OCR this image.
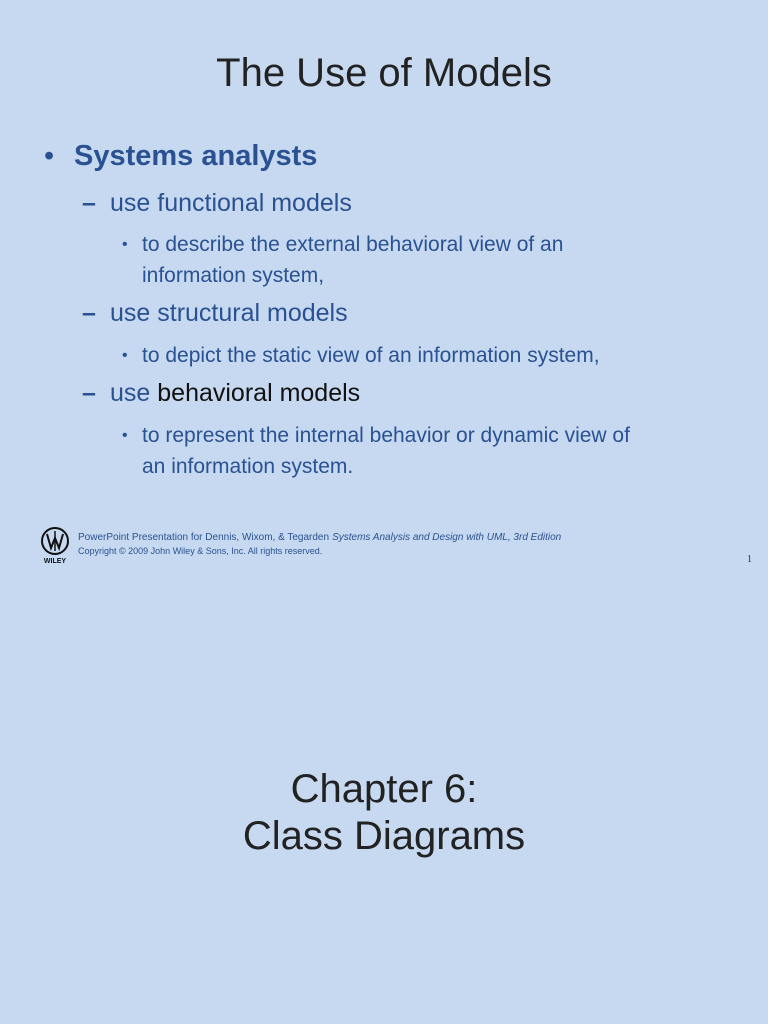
The Use of Models
• Systems analysts
– use functional models
• to describe the external behavioral view of an
information system,
– use structural models
• to depict the static view of an information system,
– use behavioral models
• to represent the internal behavior or dynamic view of
an information system.
WILEY
PowerPoint Presentation for Dennis, Wixom, & Tegarden Systems Analysis and Design with UML, 3rd Edition
Copyright © 2009 John Wiley & Sons, Inc. All rights reserved.
1
Chapter 6:
Class Diagrams
